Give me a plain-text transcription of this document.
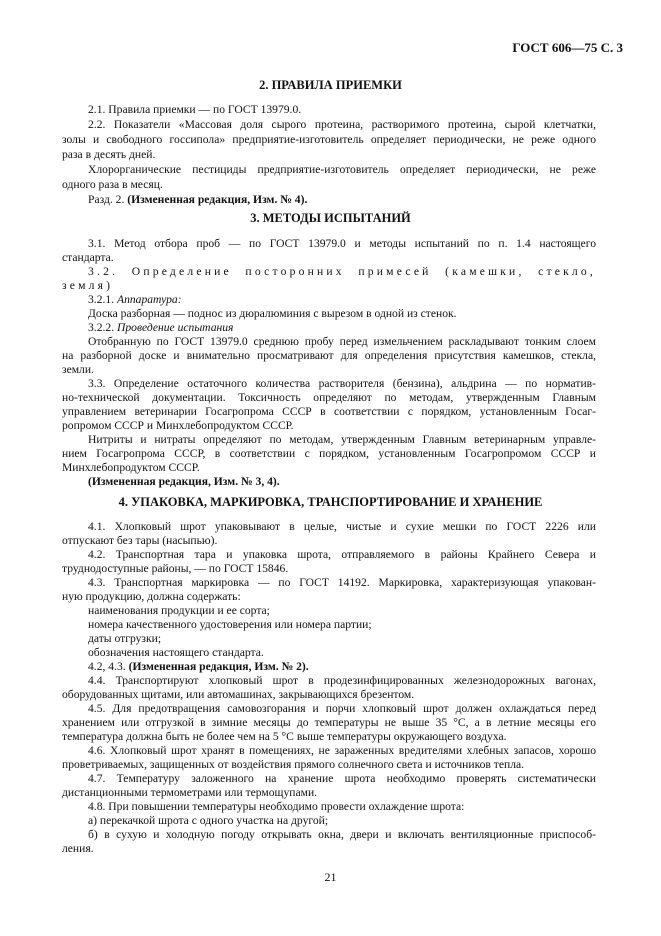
ГОСТ 606—75 С. 3
2. ПРАВИЛА ПРИЕМКИ
2.1. Правила приемки — по ГОСТ 13979.0.
2.2. Показатели «Массовая доля сырого протеина, растворимого протеина, сырой клетчатки,
золы и свободного госсипола» предприятие-изготовитель определяет периодически, не реже одного
раза в десять дней.
Хлорорганические пестициды предприятие-изготовитель определяет периодически, не реже
одного раза в месяц.
Разд. 2. (Измененная редакция, Изм. № 4).
3. МЕТОДЫ ИСПЫТАНИЙ
3.1. Метод отбора проб — по ГОСТ 13979.0 и методы испытаний по п. 1.4 настоящего
стандарта.
3.2. Определение посторонних примесей (камешки, стекло,
земля)
3.2.1. Аппаратура:
Доска разборная — поднос из дюралюминия с вырезом в одной из стенок.
3.2.2. Проведение испытания
Отобранную по ГОСТ 13979.0 среднюю пробу перед измельчением раскладывают тонким слоем
на разборной доске и внимательно просматривают для определения присутствия камешков, стекла,
земли.
3.3. Определение остаточного количества растворителя (бензина), альдрина — по норматив-
но-технической документации. Токсичность определяют по методам, утвержденным Главным
управлением ветеринарии Госагропрома СССР в соответствии с порядком, установленным Госаг-
ропромом СССР и Минхлебопродуктом СССР.
Нитриты и нитраты определяют по методам, утвержденным Главным ветеринарным управле-
нием Госагропрома СССР, в соответствии с порядком, установленным Госагропромом СССР и
Минхлебопродуктом СССР.
(Измененная редакция, Изм. № 3, 4).
4. УПАКОВКА, МАРКИРОВКА, ТРАНСПОРТИРОВАНИЕ И ХРАНЕНИЕ
4.1. Хлопковый шрот упаковывают в целые, чистые и сухие мешки по ГОСТ 2226 или
отпускают без тары (насыпью).
4.2. Транспортная тара и упаковка шрота, отправляемого в районы Крайнего Севера и
труднодоступные районы, — по ГОСТ 15846.
4.3. Транспортная маркировка — по ГОСТ 14192. Маркировка, характеризующая упакован-
ную продукцию, должна содержать:
наименования продукции и ее сорта;
номера качественного удостоверения или номера партии;
даты отгрузки;
обозначения настоящего стандарта.
4.2, 4.3. (Измененная редакция, Изм. № 2).
4.4. Транспортируют хлопковый шрот в продезинфицированных железнодорожных вагонах,
оборудованных щитами, или автомашинах, закрывающихся брезентом.
4.5. Для предотвращения самовозгорания и порчи хлопковый шрот должен охлаждаться перед
хранением или отгрузкой в зимние месяцы до температуры не выше 35 °С, а в летние месяцы его
температура должна быть не более чем на 5 °С выше температуры окружающего воздуха.
4.6. Хлопковый шрот хранят в помещениях, не зараженных вредителями хлебных запасов, хорошо
проветриваемых, защищенных от воздействия прямого солнечного света и источников тепла.
4.7. Температуру заложенного на хранение шрота необходимо проверять систематически
дистанционными термометрами или термощупами.
4.8. При повышении температуры необходимо провести охлаждение шрота:
а) перекачкой шрота с одного участка на другой;
б) в сухую и холодную погоду открывать окна, двери и включать вентиляционные приспособ-
ления.
21
